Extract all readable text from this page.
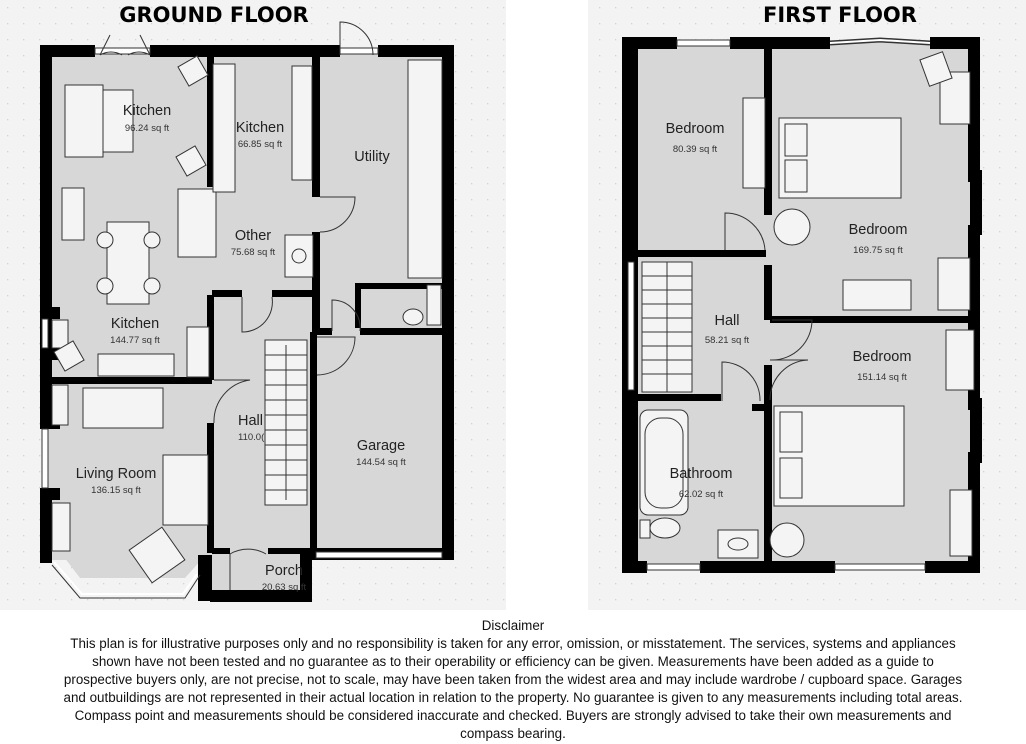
GROUND FLOOR
Kitchen
96.24 sq ft	Kitchen
66.85 sq ft
Utility
Other
75.68 sq ft
Kitchen
144.77 sq ft
Hall
110.0(
Garage
144.54 sq ft
Living Room
136.15 sq ft
Porch
20.63 sq ft
FIRST FLOOR
Bedroom
80.39 sq ft
Bedroom
169.75 sq ft
Hall
58.21 sq ft
Bedroom
151.14 sq ft
Bathroom
62.02 sq ft
Disclaimer
This plan is for illustrative purposes only and no responsibility is taken for any error, omission, or misstatement. The services, systems and appliances shown have not been tested and no guarantee as to their operability or efficiency can be given. Measurements have been added as a guide to prospective buyers only, are not precise, not to scale, may have been taken from the widest area and may include wardrobe / cupboard space. Garages and outbuildings are not represented in their actual location in relation to the property. No guarantee is given to any measurements including total areas. Compass point and measurements should be considered inaccurate and checked. Buyers are strongly advised to take their own measurements and compass bearing.
